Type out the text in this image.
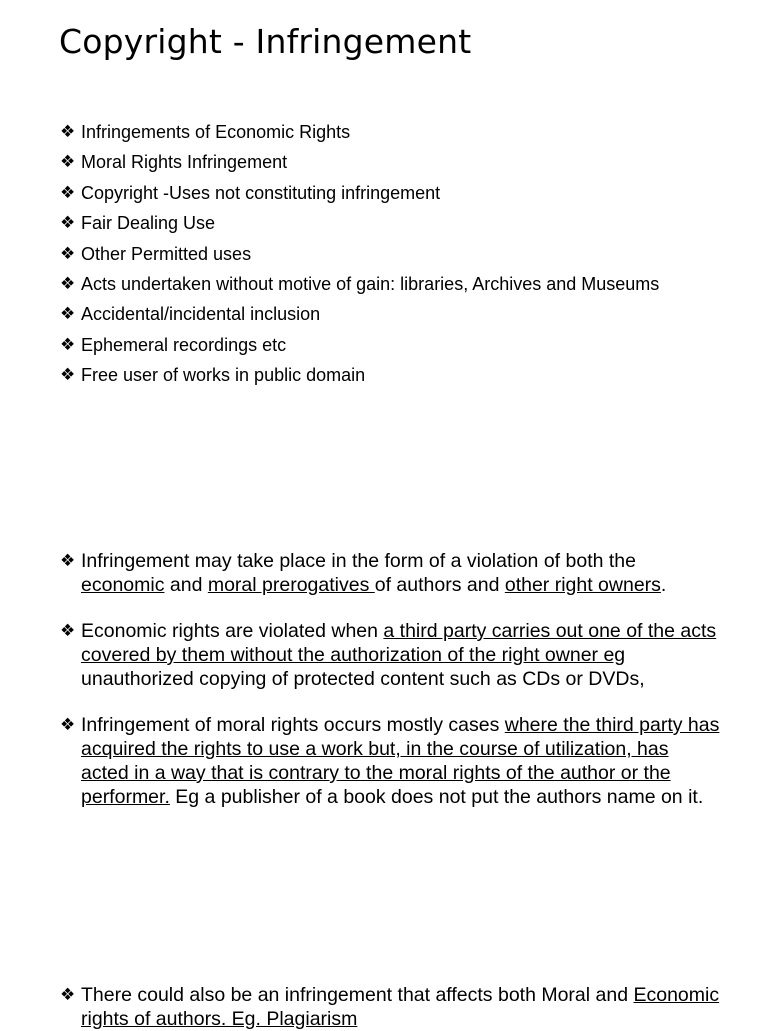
Copyright - Infringement
❖ Infringements of Economic Rights
❖ Moral Rights Infringement
❖ Copyright -Uses not constituting infringement
❖ Fair Dealing Use
❖ Other Permitted uses
❖ Acts undertaken without motive of gain: libraries, Archives and Museums
❖ Accidental/incidental inclusion
❖ Ephemeral recordings etc
❖ Free user of works in public domain
❖ Infringement may take place in the form of a violation of both the economic and moral prerogatives of authors and other right owners.
❖ Economic rights are violated when a third party carries out one of the acts covered by them without the authorization of the right owner eg unauthorized copying of protected content such as CDs or DVDs,
❖ Infringement of moral rights occurs mostly cases where the third party has acquired the rights to use a work but, in the course of utilization, has acted in a way that is contrary to the moral rights of the author or the performer. Eg a publisher of a book does not put the authors name on it.
❖ There could also be an infringement that affects both Moral and Economic rights of authors. Eg. Plagiarism
